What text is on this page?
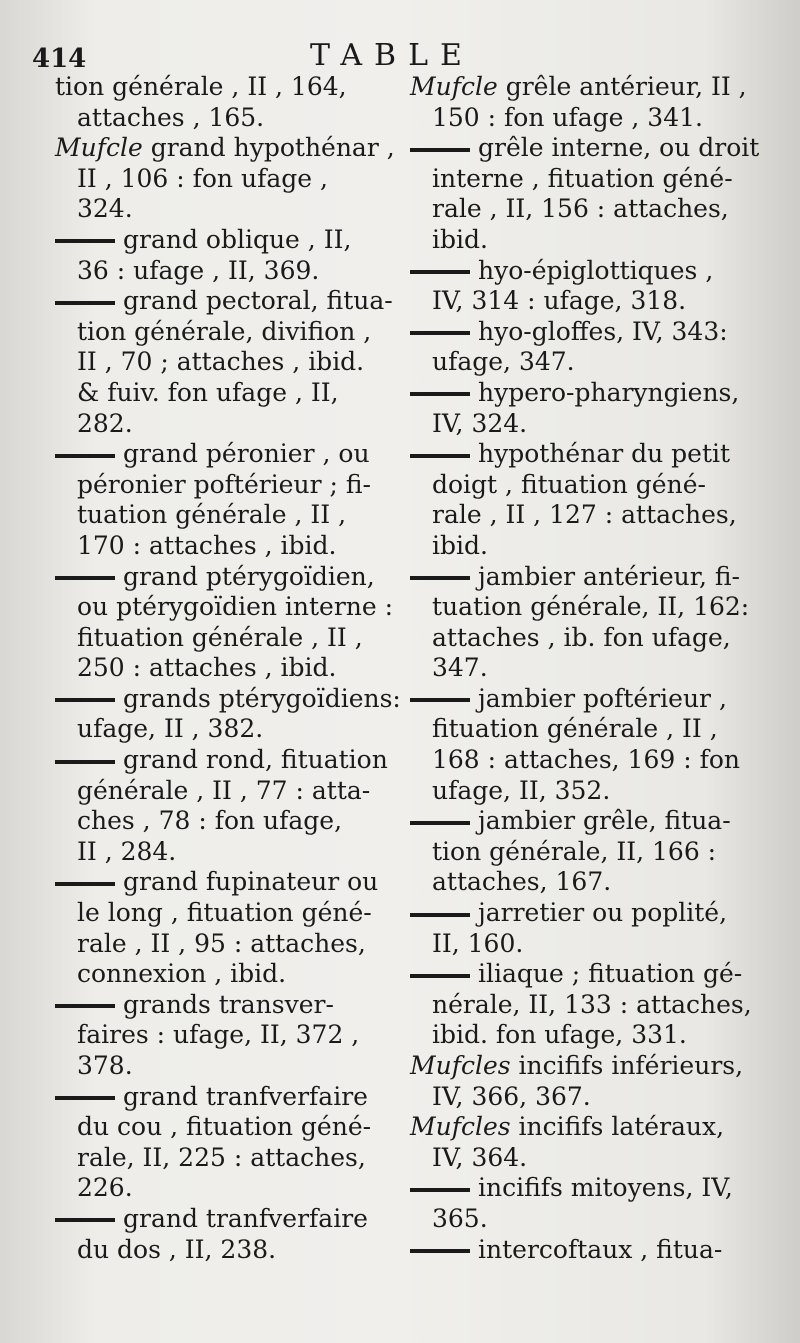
414	TABLE
tion générale , II , 164,
attaches , 165.
Mufcle grand hypothénar ,
II , 106 : fon ufage ,
324.
grand oblique , II,
36 : ufage , II, 369.
grand pectoral, fitua-
tion générale, divifion ,
II , 70 ; attaches , ibid.
& fuiv. fon ufage , II,
282.
grand péronier , ou
péronier poftérieur ; fi-
tuation générale , II ,
170 : attaches , ibid.
grand ptérygoïdien,
ou ptérygoïdien interne :
fituation générale , II ,
250 : attaches , ibid.
grands ptérygoïdiens:
ufage, II , 382.
grand rond, fituation
générale , II , 77 : atta-
ches , 78 : fon ufage,
II , 284.
grand fupinateur ou
le long , fituation géné-
rale , II , 95 : attaches,
connexion , ibid.
grands transver-
faires : ufage, II, 372 ,
378.
grand tranfverfaire
du cou , fituation géné-
rale, II, 225 : attaches,
226.
grand tranfverfaire
du dos , II, 238.
Mufcle grêle antérieur, II ,
150 : fon ufage , 341.
grêle interne, ou droit
interne , fituation géné-
rale , II, 156 : attaches,
ibid.
hyo-épiglottiques ,
IV, 314 : ufage, 318.
hyo-gloffes, IV, 343:
ufage, 347.
hypero-pharyngiens,
IV, 324.
hypothénar du petit
doigt , fituation géné-
rale , II , 127 : attaches,
ibid.
jambier antérieur, fi-
tuation générale, II, 162:
attaches , ib. fon ufage,
347.
jambier poftérieur ,
fituation générale , II ,
168 : attaches, 169 : fon
ufage, II, 352.
jambier grêle, fitua-
tion générale, II, 166 :
attaches, 167.
jarretier ou poplité,
II, 160.
iliaque ; fituation gé-
nérale, II, 133 : attaches,
ibid. fon ufage, 331.
Mufcles incififs inférieurs,
IV, 366, 367.
Mufcles incififs latéraux,
IV, 364.
incififs mitoyens, IV,
365.
intercoftaux , fitua-
